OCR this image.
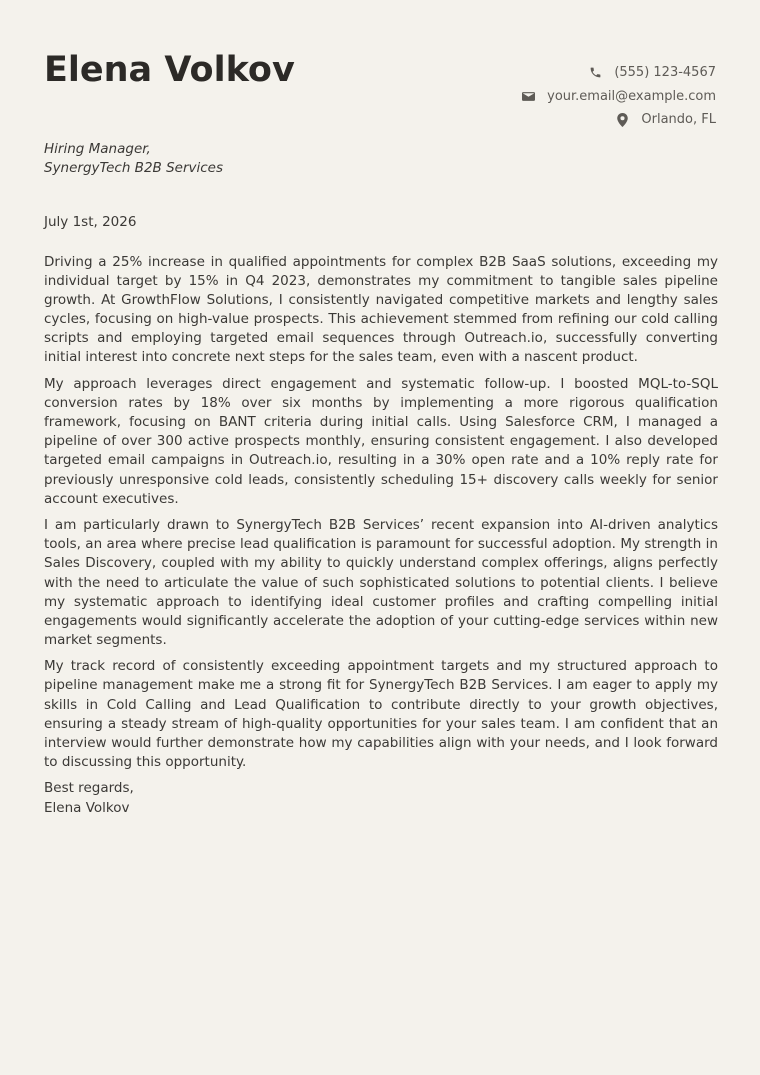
Elena Volkov	(555) 123-4567
your.email@example.com
Orlando, FL
Hiring Manager,
SynergyTech B2B Services
July 1st, 2026

Driving a 25% increase in qualified appointments for complex B2B SaaS solutions, exceeding my individual target by 15% in Q4 2023, demonstrates my commitment to tangible sales pipeline growth. At GrowthFlow Solutions, I consistently navigated competitive markets and lengthy sales cycles, focusing on high-value prospects. This achievement stemmed from refining our cold calling scripts and employing targeted email sequences through Outreach.io, successfully converting initial interest into concrete next steps for the sales team, even with a nascent product.

My approach leverages direct engagement and systematic follow-up. I boosted MQL-to-SQL conversion rates by 18% over six months by implementing a more rigorous qualification framework, focusing on BANT criteria during initial calls. Using Salesforce CRM, I managed a pipeline of over 300 active prospects monthly, ensuring consistent engagement. I also developed targeted email campaigns in Outreach.io, resulting in a 30% open rate and a 10% reply rate for previously unresponsive cold leads, consistently scheduling 15+ discovery calls weekly for senior account executives.

I am particularly drawn to SynergyTech B2B Services’ recent expansion into AI-driven analytics tools, an area where precise lead qualification is paramount for successful adoption. My strength in Sales Discovery, coupled with my ability to quickly understand complex offerings, aligns perfectly with the need to articulate the value of such sophisticated solutions to potential clients. I believe my systematic approach to identifying ideal customer profiles and crafting compelling initial engagements would significantly accelerate the adoption of your cutting-edge services within new market segments.

My track record of consistently exceeding appointment targets and my structured approach to pipeline management make me a strong fit for SynergyTech B2B Services. I am eager to apply my skills in Cold Calling and Lead Qualification to contribute directly to your growth objectives, ensuring a steady stream of high-quality opportunities for your sales team. I am confident that an interview would further demonstrate how my capabilities align with your needs, and I look forward to discussing this opportunity.

Best regards,
Elena Volkov
